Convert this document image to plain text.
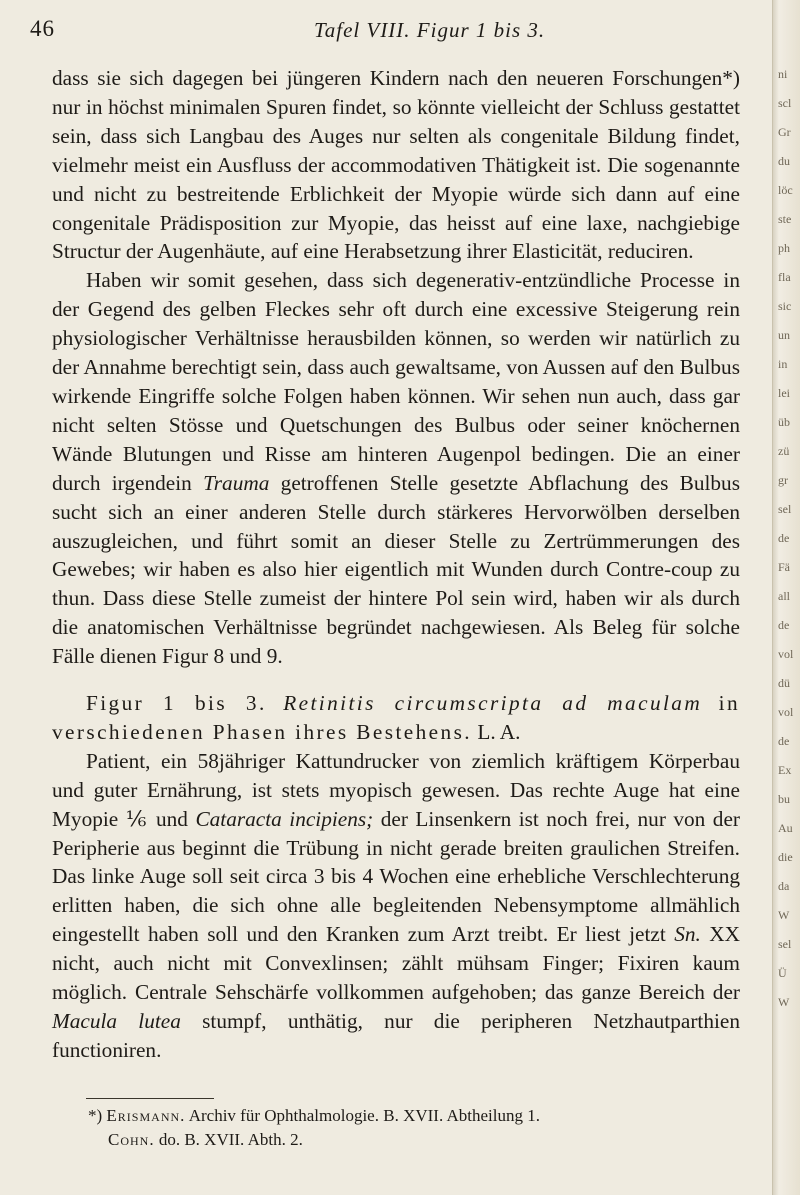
ni
scl
Gr
du
löc
ste
ph
fla
sic
un
in
lei
üb
zü
gr
sel
de
Fä
all
de
vol
dü
vol
de
Ex
bu
Au
die
da
W
sel
Ü
W
46	Tafel VIII. Figur 1 bis 3.

dass sie sich dagegen bei jüngeren Kindern nach den neueren Forschungen*) nur in höchst minimalen Spuren findet, so könnte vielleicht der Schluss gestattet sein, dass sich Langbau des Auges nur selten als congenitale Bildung findet, vielmehr meist ein Ausfluss der accommodativen Thätigkeit ist. Die sogenannte und nicht zu bestreitende Erblichkeit der Myopie würde sich dann auf eine congenitale Prädisposition zur Myopie, das heisst auf eine laxe, nachgiebige Structur der Augenhäute, auf eine Herabsetzung ihrer Elasticität, reduciren.

Haben wir somit gesehen, dass sich degenerativ-entzündliche Processe in der Gegend des gelben Fleckes sehr oft durch eine excessive Steigerung rein physiologischer Verhältnisse herausbilden können, so werden wir natürlich zu der Annahme berechtigt sein, dass auch gewaltsame, von Aussen auf den Bulbus wirkende Eingriffe solche Folgen haben können. Wir sehen nun auch, dass gar nicht selten Stösse und Quetschungen des Bulbus oder seiner knöchernen Wände Blutungen und Risse am hinteren Augenpol bedingen. Die an einer durch irgendein Trauma getroffenen Stelle gesetzte Abflachung des Bulbus sucht sich an einer anderen Stelle durch stärkeres Hervorwölben derselben auszugleichen, und führt somit an dieser Stelle zu Zertrümmerungen des Gewebes; wir haben es also hier eigentlich mit Wunden durch Contre-coup zu thun. Dass diese Stelle zumeist der hintere Pol sein wird, haben wir als durch die anatomischen Verhältnisse begründet nachgewiesen. Als Beleg für solche Fälle dienen Figur 8 und 9.

Figur 1 bis 3. Retinitis circumscripta ad maculam in verschiedenen Phasen ihres Bestehens. L. A.

Patient, ein 58jähriger Kattundrucker von ziemlich kräftigem Körperbau und guter Ernährung, ist stets myopisch gewesen. Das rechte Auge hat eine Myopie ⅙ und Cataracta incipiens; der Linsenkern ist noch frei, nur von der Peripherie aus beginnt die Trübung in nicht gerade breiten graulichen Streifen. Das linke Auge soll seit circa 3 bis 4 Wochen eine erhebliche Verschlechterung erlitten haben, die sich ohne alle begleitenden Nebensymptome allmählich eingestellt haben soll und den Kranken zum Arzt treibt. Er liest jetzt Sn. XX nicht, auch nicht mit Convexlinsen; zählt mühsam Finger; Fixiren kaum möglich. Centrale Sehschärfe vollkommen aufgehoben; das ganze Bereich der Macula lutea stumpf, unthätig, nur die peripheren Netzhautparthien functioniren.

*) Erismann. Archiv für Ophthalmologie. B. XVII. Abtheilung 1.
Cohn. do. B. XVII. Abth. 2.
